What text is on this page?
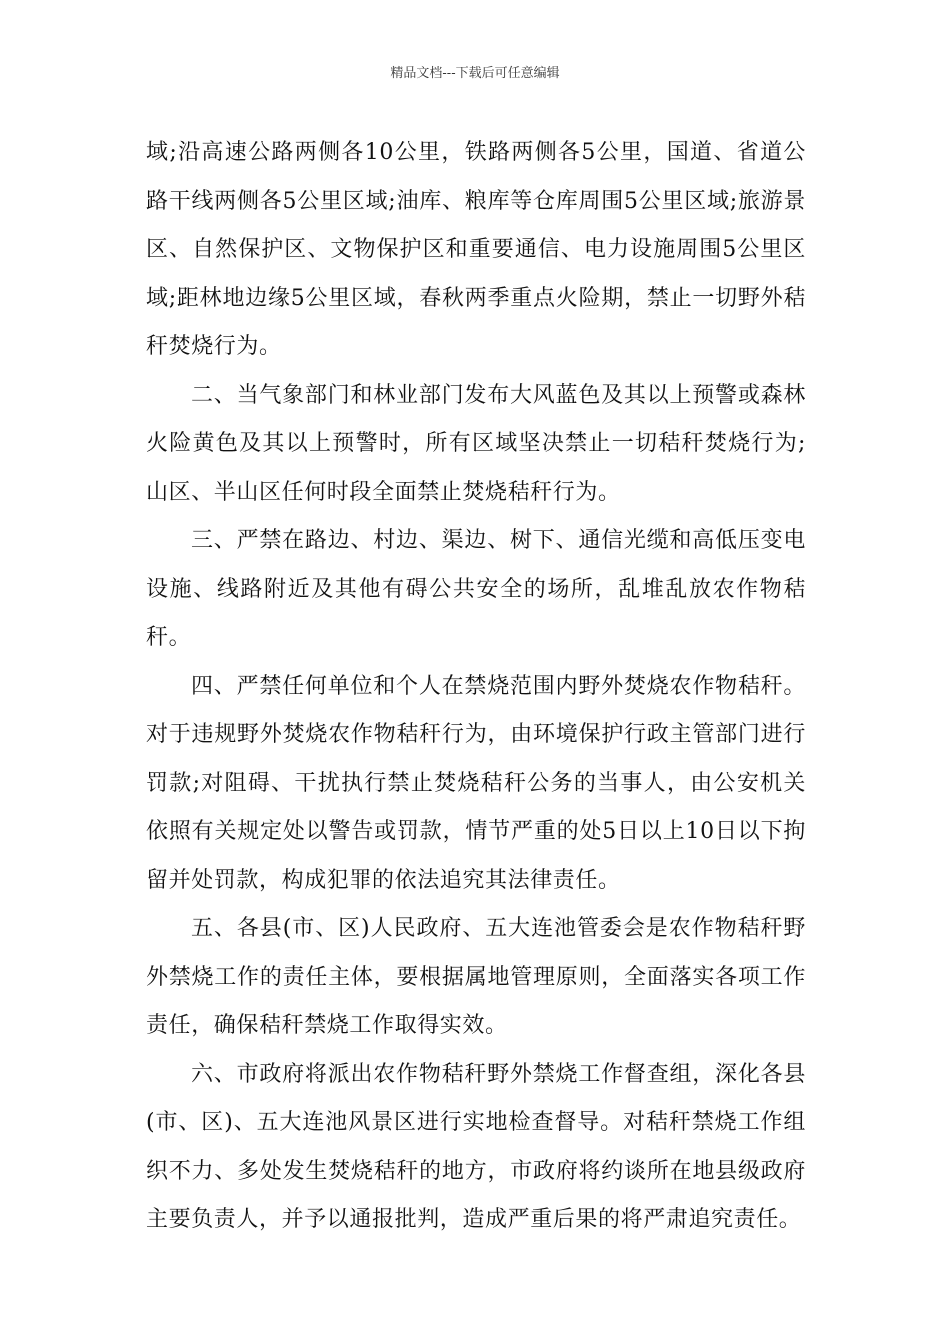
精品文档---下载后可任意编辑

域;沿高速公路两侧各10公里，铁路两侧各5公里，国道、省道公路干线两侧各5公里区域;油库、粮库等仓库周围5公里区域;旅游景区、自然保护区、文物保护区和重要通信、电力设施周围5公里区域;距林地边缘5公里区域，春秋两季重点火险期，禁止一切野外秸秆焚烧行为。

二、当气象部门和林业部门发布大风蓝色及其以上预警或森林火险黄色及其以上预警时，所有区域坚决禁止一切秸秆焚烧行为;山区、半山区任何时段全面禁止焚烧秸秆行为。

三、严禁在路边、村边、渠边、树下、通信光缆和高低压变电设施、线路附近及其他有碍公共安全的场所，乱堆乱放农作物秸秆。

四、严禁任何单位和个人在禁烧范围内野外焚烧农作物秸秆。对于违规野外焚烧农作物秸秆行为，由环境保护行政主管部门进行罚款;对阻碍、干扰执行禁止焚烧秸秆公务的当事人，由公安机关依照有关规定处以警告或罚款，情节严重的处5日以上10日以下拘留并处罚款，构成犯罪的依法追究其法律责任。

五、各县(市、区)人民政府、五大连池管委会是农作物秸秆野外禁烧工作的责任主体，要根据属地管理原则，全面落实各项工作责任，确保秸秆禁烧工作取得实效。

六、市政府将派出农作物秸秆野外禁烧工作督查组，深化各县(市、区)、五大连池风景区进行实地检查督导。对秸秆禁烧工作组织不力、多处发生焚烧秸秆的地方，市政府将约谈所在地县级政府主要负责人，并予以通报批判，造成严重后果的将严肃追究责任。
